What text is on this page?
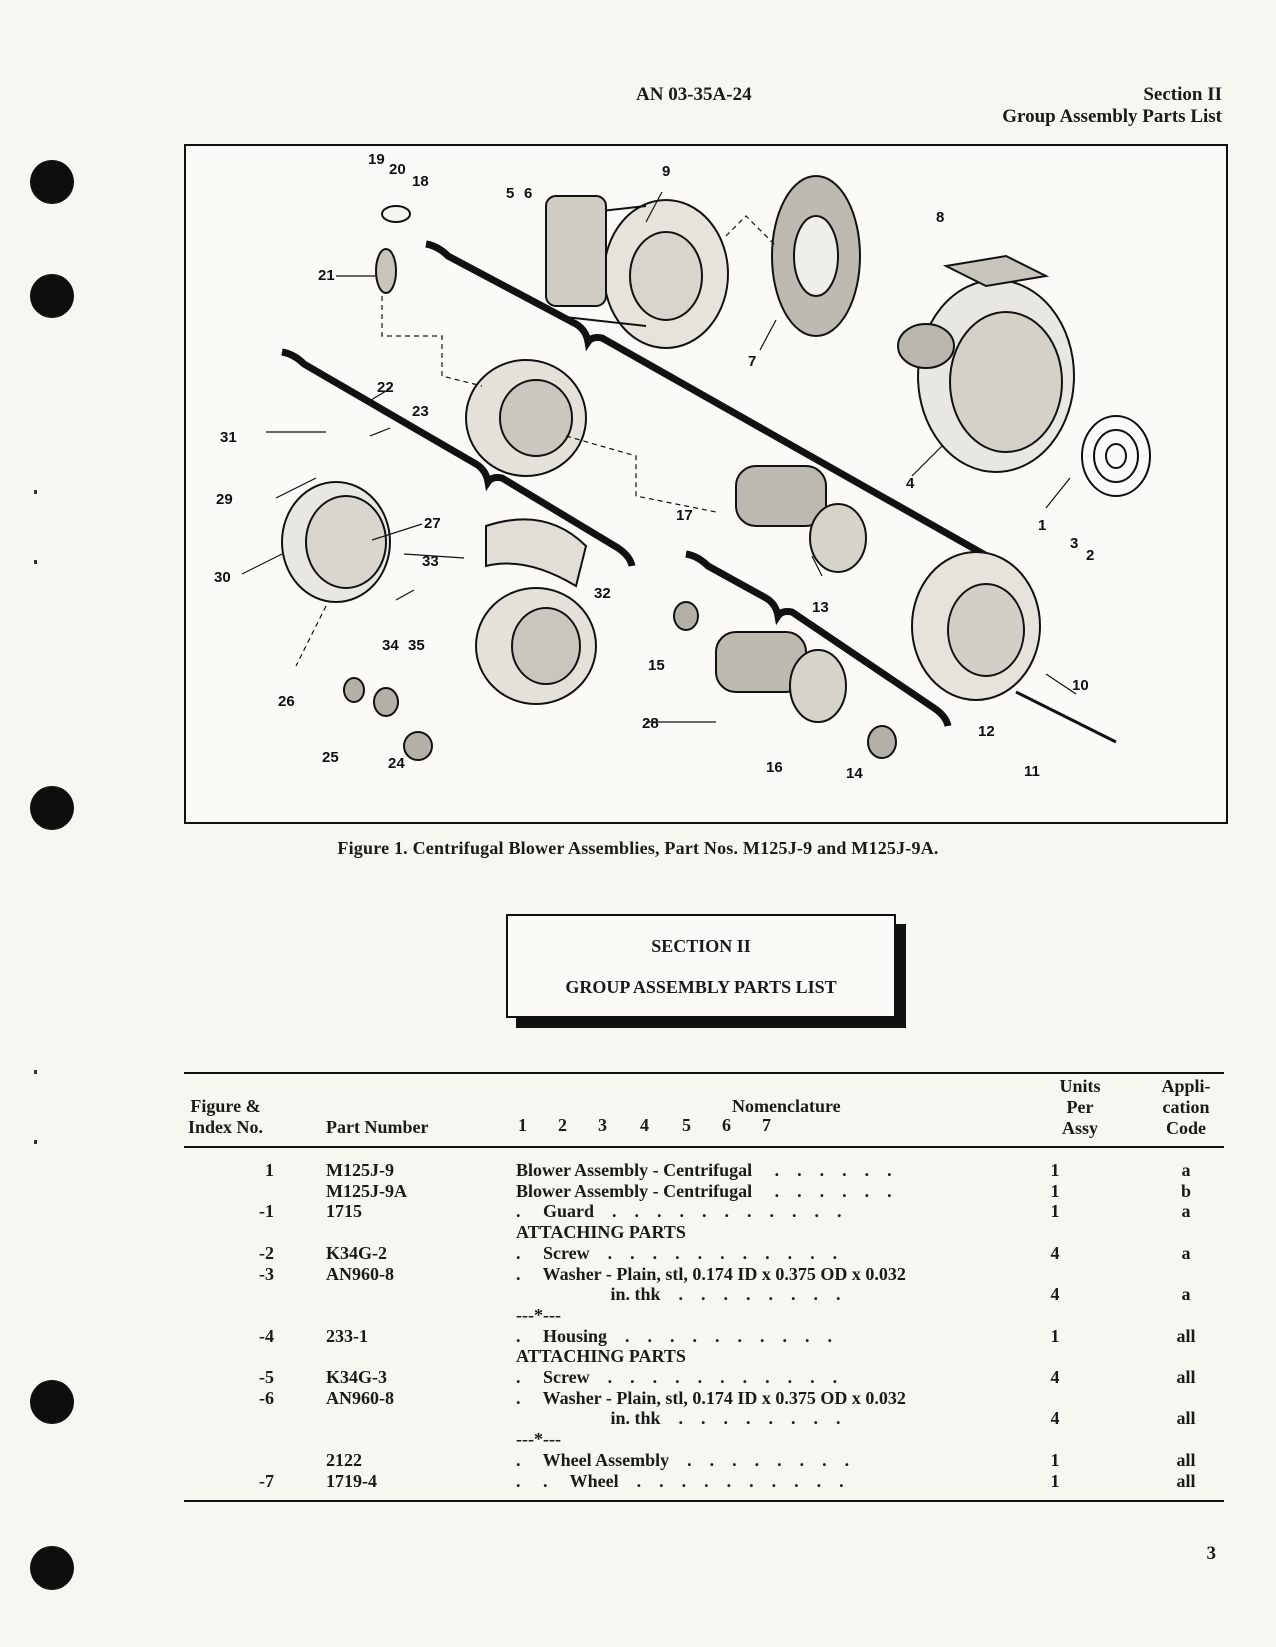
AN 03-35A-24	Section II
Group Assembly Parts List
19
20
18
21
5 6
9
8
22
23
7
31
4
29
27	17
1
3
2
30
33
13
32
34 35
15
10
26
28	12
25	24	16	14	11
Figure 1. Centrifugal Blower Assemblies, Part Nos. M125J-9 and M125J-9A.
SECTION II
GROUP ASSEMBLY PARTS LIST
Figure &
Index No.	Part Number
Nomenclature
1 2 3 4 5 6 7
Units
Per
Assy
Appli-
cation
Code
1	M125J-9	Blower Assembly - Centrifugal     .    .    .    .    .    .	1	a
M125J-9A	Blower Assembly - Centrifugal     .    .    .    .    .    .	1	b
-1	1715	.     Guard    .    .    .    .    .    .    .    .    .    .    .	1	a
ATTACHING PARTS
-2	K34G-2	.     Screw    .    .    .    .    .    .    .    .    .    .    .	4	a
-3	AN960-8	.     Washer - Plain, stl, 0.174 ID x 0.375 OD x 0.032
in. thk    .    .    .    .    .    .    .    .	4	a
---*---
-4	233-1	.     Housing    .    .    .    .    .    .    .    .    .    .	1	all
ATTACHING PARTS
-5	K34G-3	.     Screw    .    .    .    .    .    .    .    .    .    .    .	4	all
-6	AN960-8	.     Washer - Plain, stl, 0.174 ID x 0.375 OD x 0.032
in. thk    .    .    .    .    .    .    .    .	4	all
---*---
2122	.     Wheel Assembly    .    .    .    .    .    .    .    .	1	all
-7	1719-4	.     .     Wheel    .    .    .    .    .    .    .    .    .    .	1	all
3
